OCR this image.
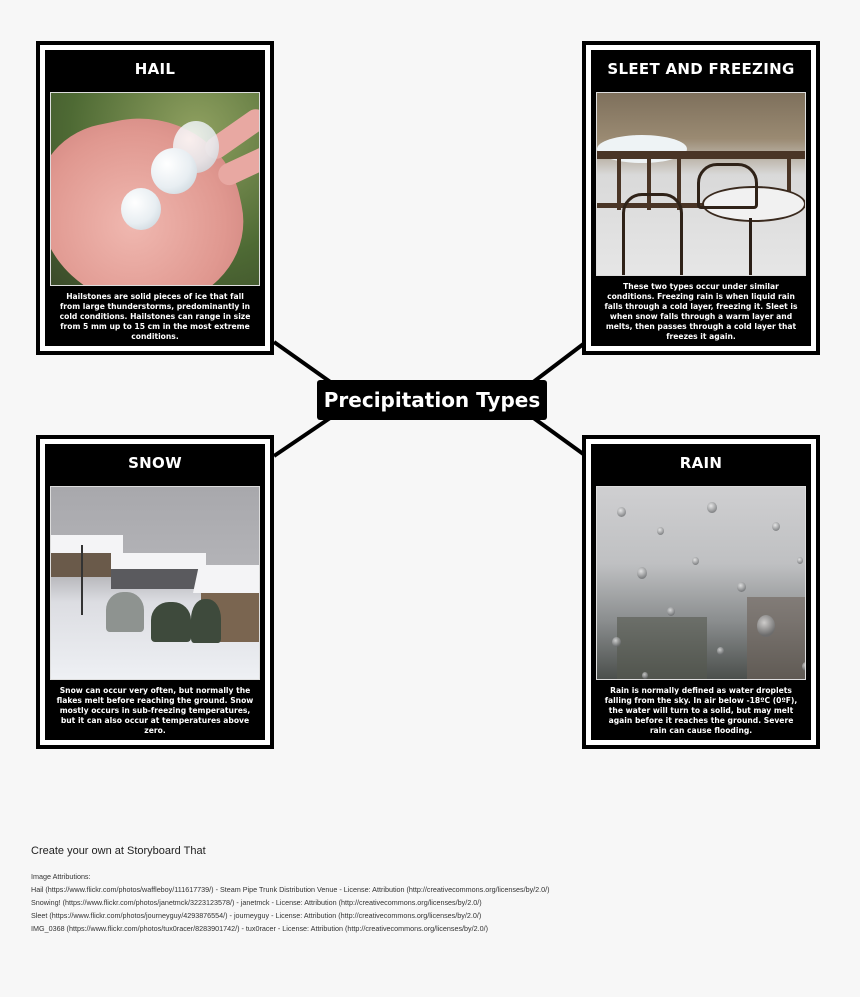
HAIL
Hailstones are solid pieces of ice that fall from large thunderstorms, predominantly in cold conditions. Hailstones can range in size from 5 mm up to 15 cm in the most extreme conditions.
SLEET AND FREEZING
These two types occur under similar conditions. Freezing rain is when liquid rain falls through a cold layer, freezing it. Sleet is when snow falls through a warm layer and melts, then passes through a cold layer that freezes it again.
SNOW
Snow can occur very often, but normally the flakes melt before reaching the ground. Snow mostly occurs in sub-freezing temperatures, but it can also occur at temperatures above zero.
RAIN
Rain is normally defined as water droplets falling from the sky. In air below -18ºC (0ºF), the water will turn to a solid, but may melt again before it reaches the ground. Severe rain can cause flooding.
Precipitation Types
Create your own at Storyboard That
Image Attributions:
Hail (https://www.flickr.com/photos/waffleboy/111617739/) - Steam Pipe Trunk Distribution Venue - License: Attribution (http://creativecommons.org/licenses/by/2.0/)
Snowing! (https://www.flickr.com/photos/janetmck/3223123578/) - janetmck - License: Attribution (http://creativecommons.org/licenses/by/2.0/)
Sleet (https://www.flickr.com/photos/journeyguy/4293876554/) - journeyguy - License: Attribution (http://creativecommons.org/licenses/by/2.0/)
IMG_0368 (https://www.flickr.com/photos/tux0racer/8283901742/) - tux0racer - License: Attribution (http://creativecommons.org/licenses/by/2.0/)
